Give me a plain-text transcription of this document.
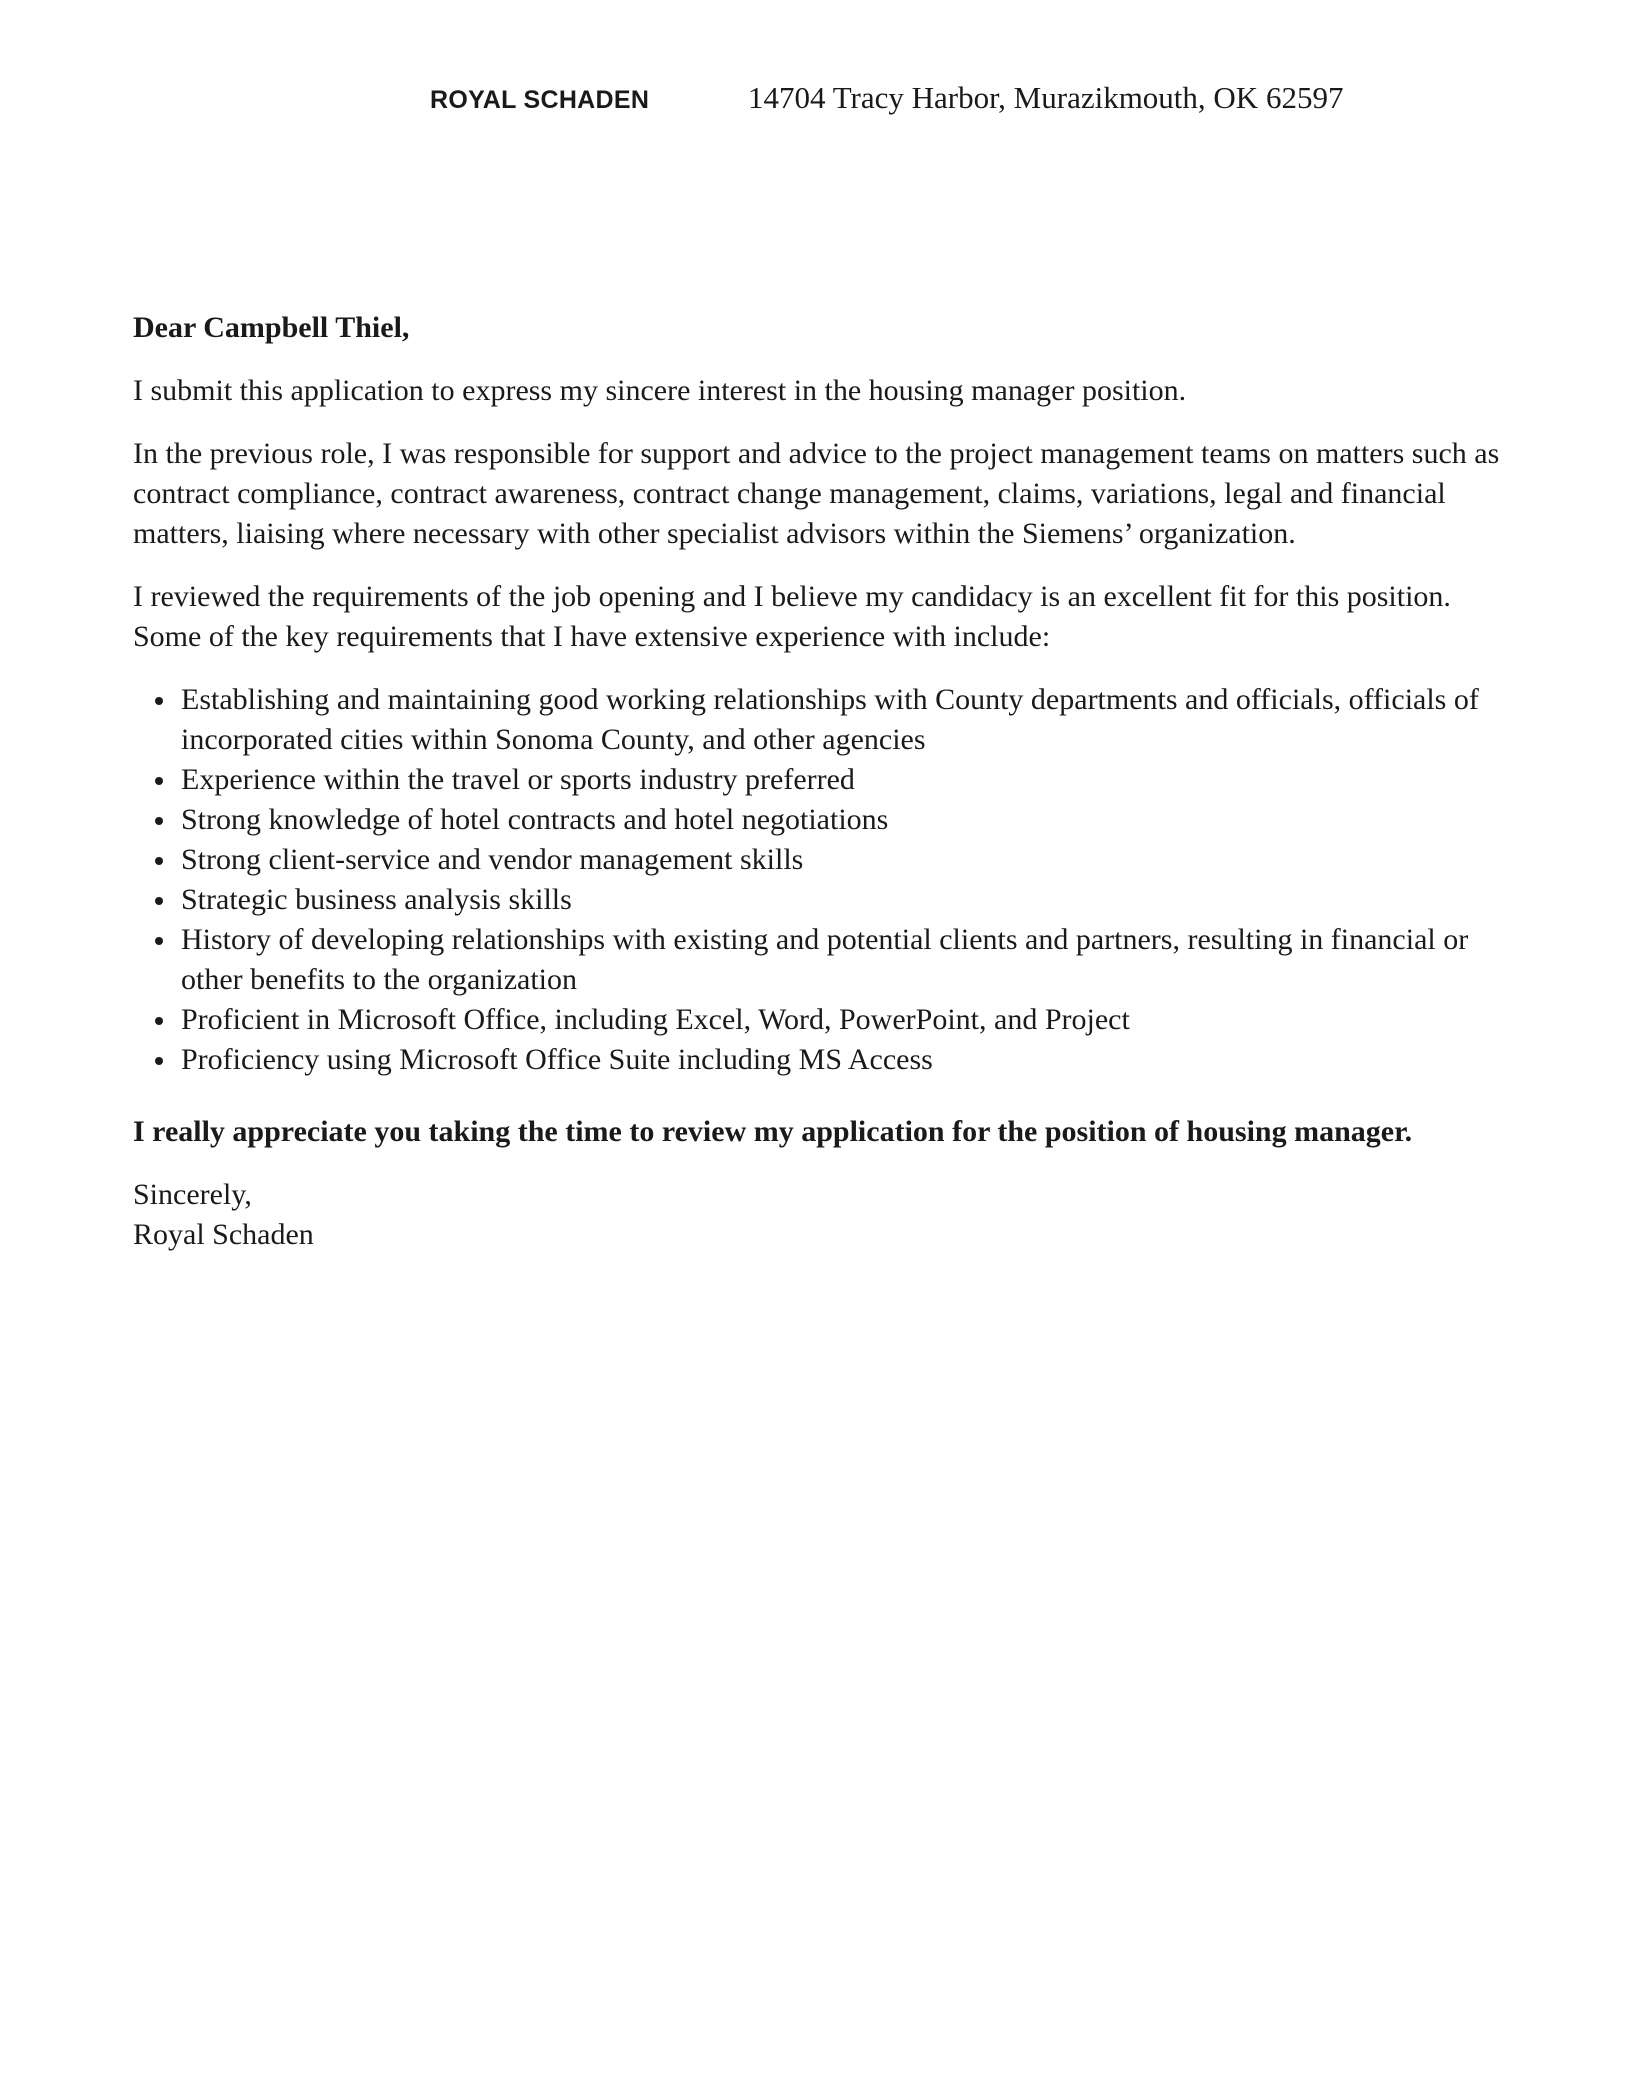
ROYAL SCHADEN	14704 Tracy Harbor, Murazikmouth, OK 62597

Dear Campbell Thiel,

I submit this application to express my sincere interest in the housing manager position.

In the previous role, I was responsible for support and advice to the project management teams on matters such as contract compliance, contract awareness, contract change management, claims, variations, legal and financial matters, liaising where necessary with other specialist advisors within the Siemens’ organization.

I reviewed the requirements of the job opening and I believe my candidacy is an excellent fit for this position. Some of the key requirements that I have extensive experience with include:

Establishing and maintaining good working relationships with County departments and officials, officials of incorporated cities within Sonoma County, and other agencies
Experience within the travel or sports industry preferred
Strong knowledge of hotel contracts and hotel negotiations
Strong client-service and vendor management skills
Strategic business analysis skills
History of developing relationships with existing and potential clients and partners, resulting in financial or other benefits to the organization
Proficient in Microsoft Office, including Excel, Word, PowerPoint, and Project
Proficiency using Microsoft Office Suite including MS Access

I really appreciate you taking the time to review my application for the position of housing manager.

Sincerely,
Royal Schaden
